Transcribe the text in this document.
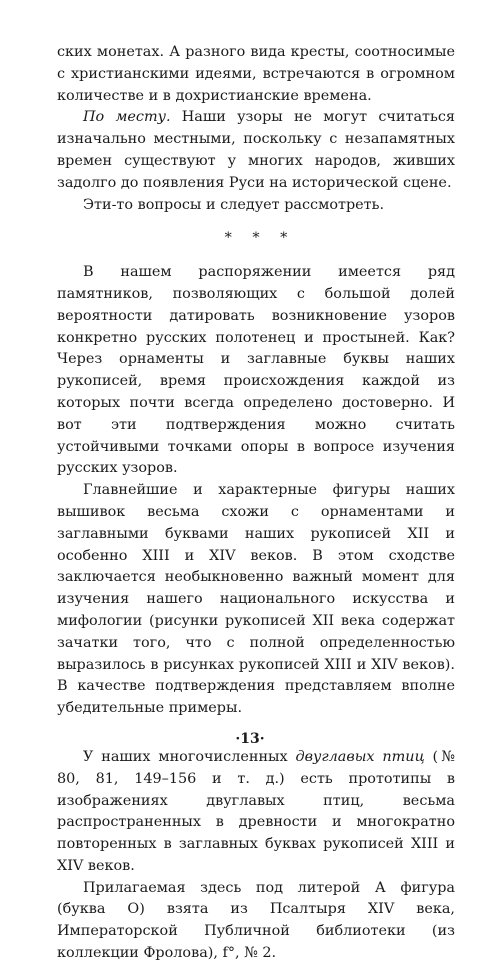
ских монетах. А разного вида кресты, соотносимые с христианскими идеями, встречаются в огромном количестве и в дохристианские времена.

По месту. Наши узоры не могут считаться изначально местными, поскольку с незапамятных времен существуют у многих народов, живших задолго до появления Руси на исторической сцене.

Эти-то вопросы и следует рассмотреть.

* * *

В нашем распоряжении имеется ряд памятников, позволяющих с большой долей вероятности датировать возникновение узоров конкретно русских полотенец и простыней. Как? Через орнаменты и заглавные буквы наших рукописей, время происхождения каждой из которых почти всегда определено достоверно. И вот эти подтверждения можно считать устойчивыми точками опоры в вопросе изучения русских узоров.

Главнейшие и характерные фигуры наших вышивок весьма схожи с орнаментами и заглавными буквами наших рукописей XII и особенно XIII и XIV веков. В этом сходстве заключается необыкновенно важный момент для изучения нашего национального искусства и мифологии (рисунки рукописей XII века содержат зачатки того, что с полной определенностью выразилось в рисунках рукописей XIII и XIV веков). В качестве подтверждения представляем вполне убедительные примеры.

У наших многочисленных двуглавых птиц (№ 80, 81, 149–156 и т. д.) есть прототипы в изображениях двуглавых птиц, весьма распространенных в древности и многократно повторенных в заглавных буквах рукописей XIII и XIV веков.

Прилагаемая здесь под литерой А фигура (буква О) взята из Псалтыря XIV века, Императорской Публичной библиотеки (из коллекции Фролова), f°, № 2.

·13·
